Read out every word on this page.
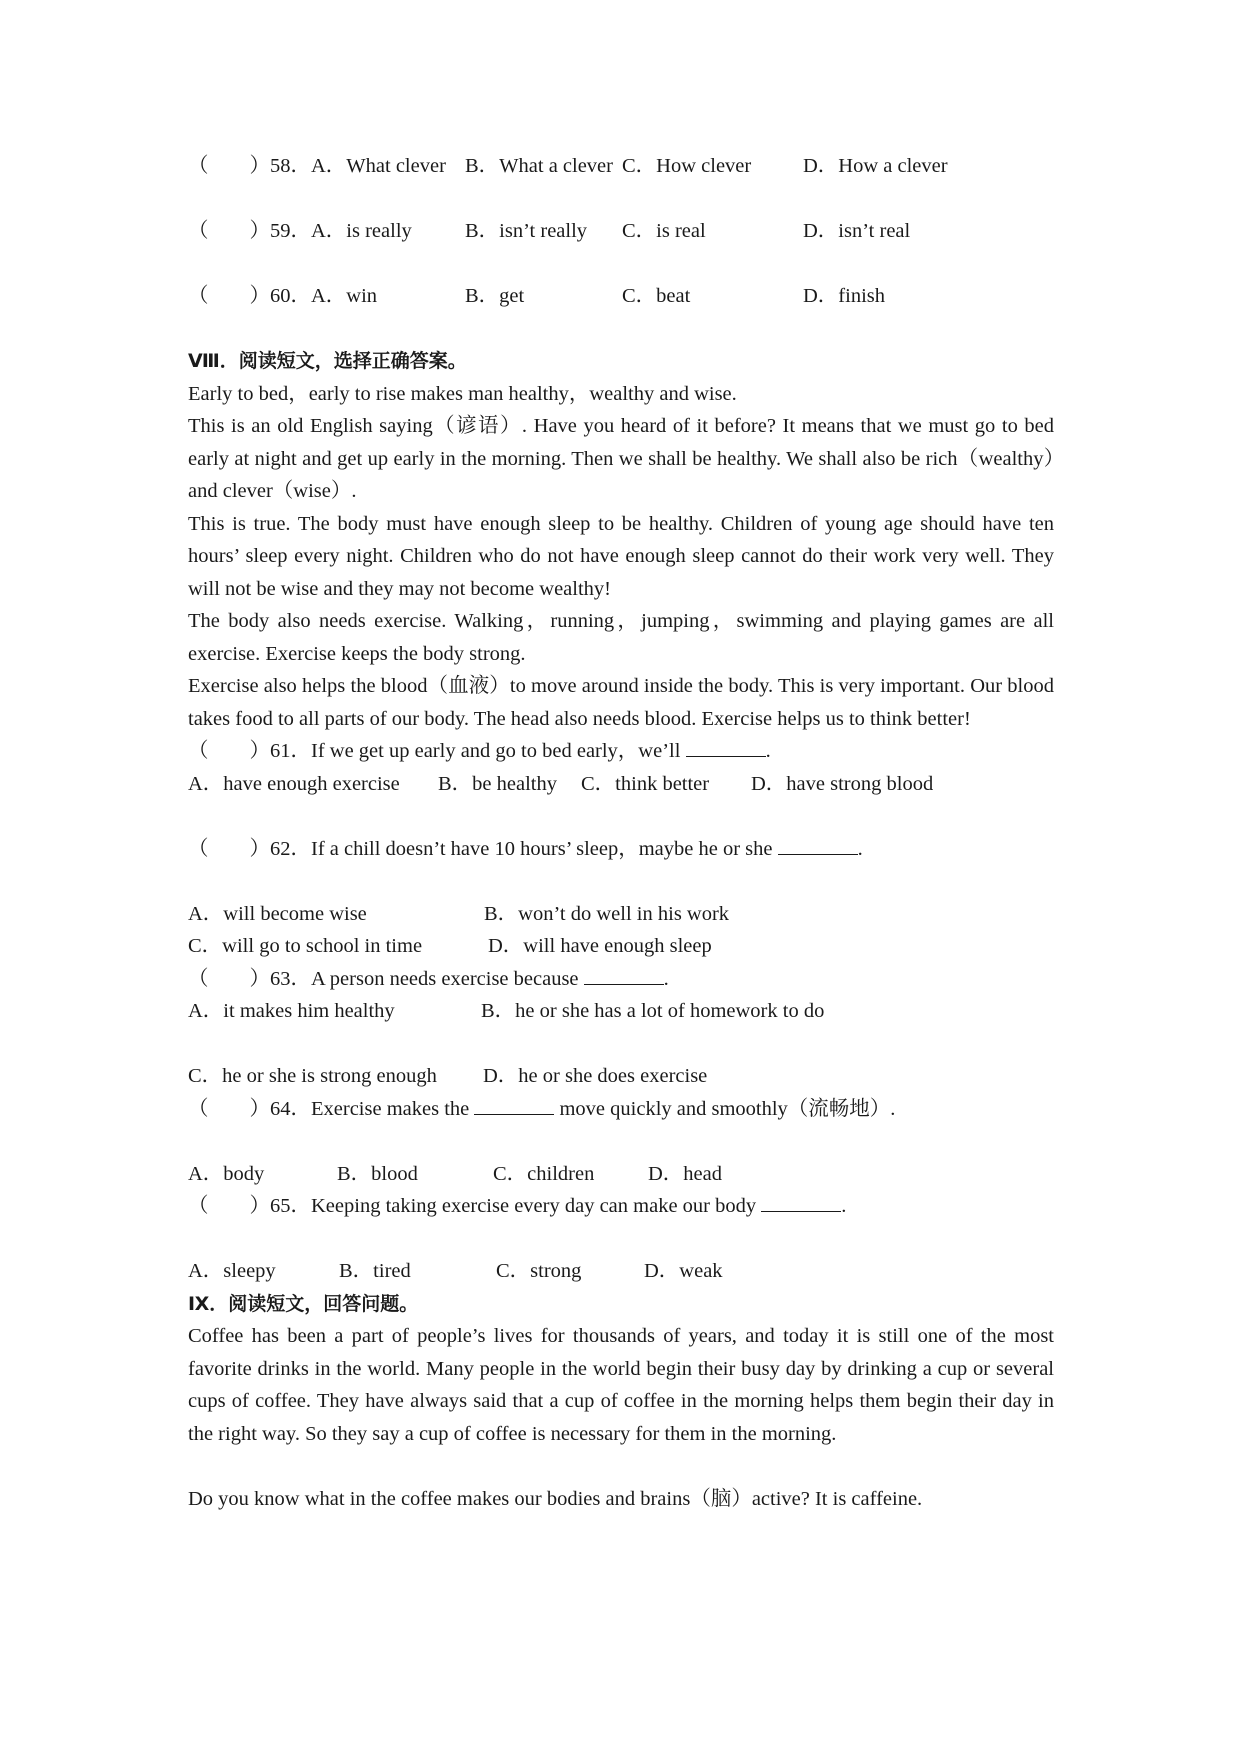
（　　）58．A．What clever B．What a clever C．How clever	D．How a clever
（　　）59．A．is really	B．isn’t really C．is real	D．isn’t real
（　　）60．A．win	B．get	C．beat	D．finish
Ⅷ．阅读短文，选择正确答案。
Early to bed，early to rise makes man healthy，wealthy and wise.
This is an old English saying（谚语）. Have you heard of it before? It means that we must go to bed early at night and get up early in the morning. Then we shall be healthy. We shall also be rich（wealthy）and clever（wise）.
This is true. The body must have enough sleep to be healthy. Children of young age should have ten hours’ sleep every night. Children who do not have enough sleep cannot do their work very well. They will not be wise and they may not become wealthy!
The body also needs exercise. Walking，running，jumping，swimming and playing games are all exercise. Exercise keeps the body strong.
Exercise also helps the blood（血液）to move around inside the body. This is very important. Our blood takes food to all parts of our body. The head also needs blood. Exercise helps us to think better!
（　　）61．If we get up early and go to bed early，we’ll	.
A．have enough exercise B．be healthy C．think better D．have strong blood
（　　）62．If a chill doesn’t have 10 hours’ sleep，maybe he or she	.
A．will become wise	B．won’t do well in his work
C．will go to school in time	D．will have enough sleep
（　　）63．A person needs exercise because	.
A．it makes him healthy	B．he or she has a lot of homework to do
C．he or she is strong enough D．he or she does exercise
（　　）64．Exercise makes the	move quickly and smoothly（流畅地）.
A．body	B．blood	C．children	D．head
（　　）65．Keeping taking exercise every day can make our body	.
A．sleepy	B．tired	C．strong	D．weak
Ⅸ．阅读短文，回答问题。
Coffee has been a part of people’s lives for thousands of years, and today it is still one of the most favorite drinks in the world. Many people in the world begin their busy day by drinking a cup or several cups of coffee. They have always said that a cup of coffee in the morning helps them begin their day in the right way. So they say a cup of coffee is necessary for them in the morning.
Do you know what in the coffee makes our bodies and brains（脑）active? It is caffeine.
